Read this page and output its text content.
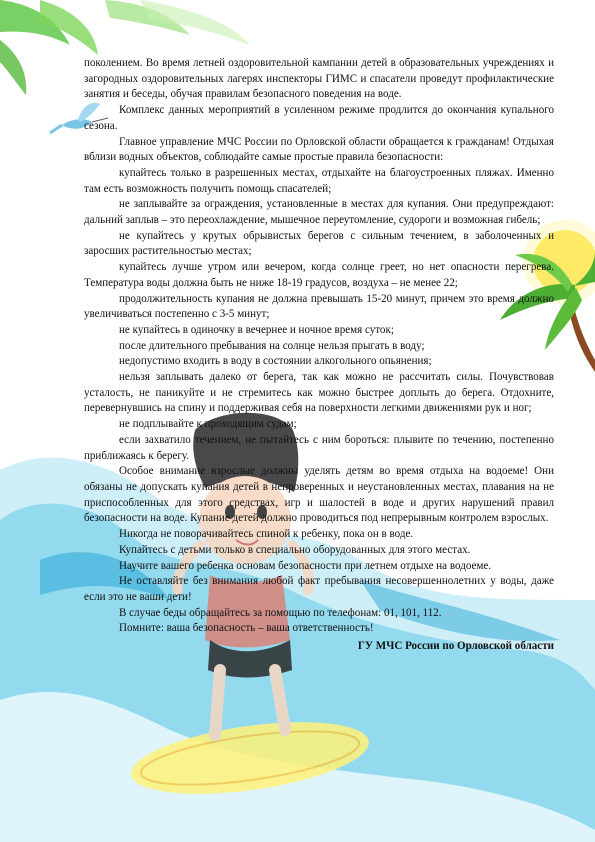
поколением. Во время летней оздоровительной кампании детей в образовательных учреждениях и загородных оздоровительных лагерях инспекторы ГИМС и спасатели проведут профилактические занятия и беседы, обучая правилам безопасного поведения на воде.

Комплекс данных мероприятий в усиленном режиме продлится до окончания купального сезона.

Главное управление МЧС России по Орловской области обращается к гражданам! Отдыхая вблизи водных объектов, соблюдайте самые простые правила безопасности:

купайтесь только в разрешенных местах, отдыхайте на благоустроенных пляжах. Именно там есть возможность получить помощь спасателей;

не заплывайте за ограждения, установленные в местах для купания. Они предупреждают: дальний заплыв – это переохлаждение, мышечное переутомление, судороги и возможная гибель;

не купайтесь у крутых обрывистых берегов с сильным течением, в заболоченных и заросших растительностью местах;

купайтесь лучше утром или вечером, когда солнце греет, но нет опасности перегрева. Температура воды должна быть не ниже 18-19 градусов, воздуха – не менее 22;

продолжительность купания не должна превышать 15-20 минут, причем это время должно увеличиваться постепенно с 3-5 минут;

не купайтесь в одиночку в вечернее и ночное время суток;

после длительного пребывания на солнце нельзя прыгать в воду;

недопустимо входить в воду в состоянии алкогольного опьянения;

нельзя заплывать далеко от берега, так как можно не рассчитать силы. Почувствовав усталость, не паникуйте и не стремитесь как можно быстрее доплыть до берега. Отдохните, перевернувшись на спину и поддерживая себя на поверхности легкими движениями рук и ног;

не подплывайте к проходящим судам;

если захватило течением, не пытайтесь с ним бороться: плывите по течению, постепенно приближаясь к берегу.

Особое внимание взрослые должны уделять детям во время отдыха на водоеме! Они обязаны не допускать купания детей в непроверенных и неустановленных местах, плавания на не приспособленных для этого средствах, игр и шалостей в воде и других нарушений правил безопасности на воде. Купание детей должно проводиться под непрерывным контролем взрослых.

Никогда не поворачивайтесь спиной к ребенку, пока он в воде.

Купайтесь с детьми только в специально оборудованных для этого местах.

Научите вашего ребенка основам безопасности при летнем отдыхе на водоеме.

Не оставляйте без внимания любой факт пребывания несовершеннолетних у воды, даже если это не ваши дети!

В случае беды обращайтесь за помощью по телефонам: 01, 101, 112.

Помните: ваша безопасность – ваша ответственность!

ГУ МЧС России по Орловской области
